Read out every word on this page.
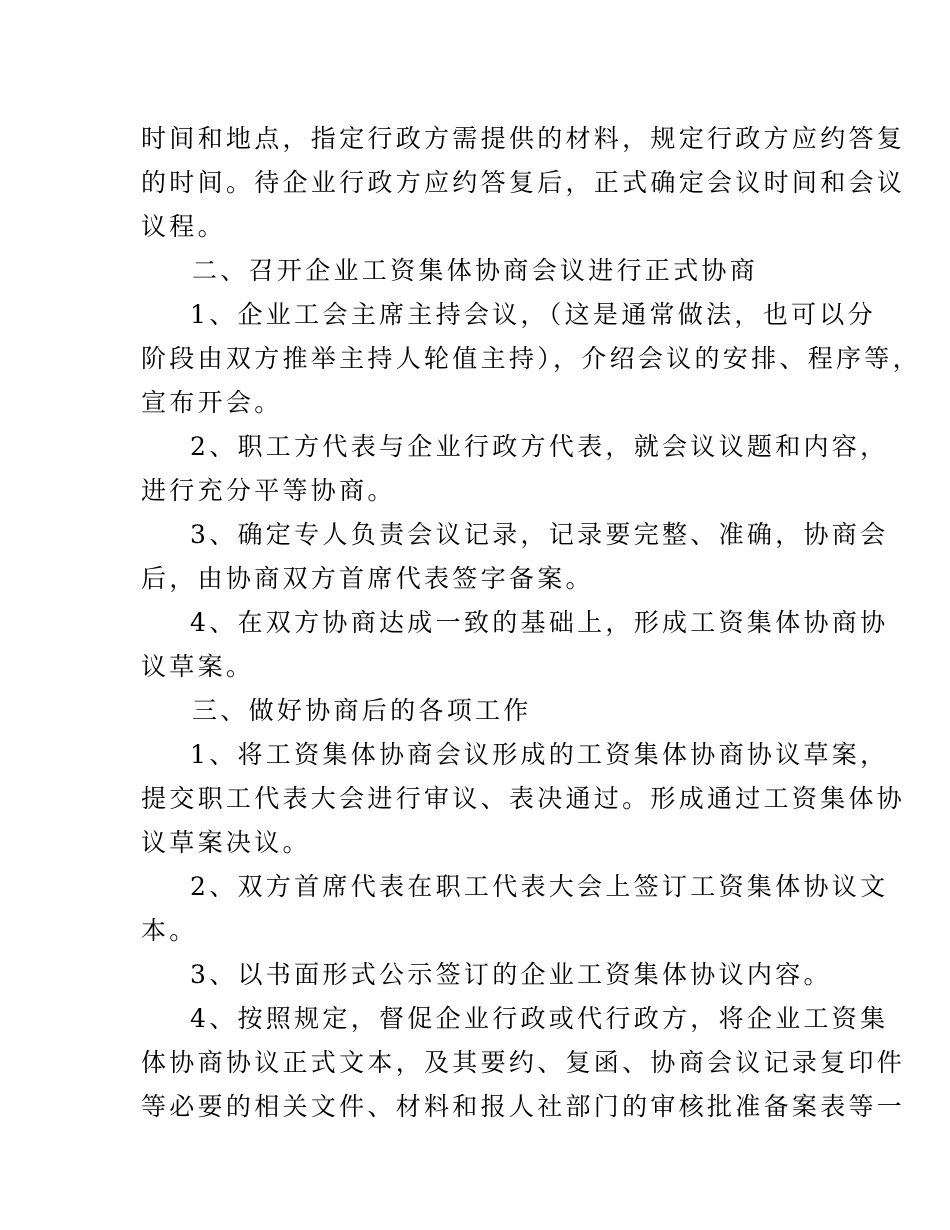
时间和地点，指定行政方需提供的材料，规定行政方应约答复
的时间。待企业行政方应约答复后，正式确定会议时间和会议
议程。
二、召开企业工资集体协商会议进行正式协商
1、企业工会主席主持会议，（这是通常做法，也可以分
阶段由双方推举主持人轮值主持），介绍会议的安排、程序等，
宣布开会。
2、职工方代表与企业行政方代表，就会议议题和内容，
进行充分平等协商。
3、确定专人负责会议记录，记录要完整、准确，协商会
后，由协商双方首席代表签字备案。
4、在双方协商达成一致的基础上，形成工资集体协商协
议草案。
三、做好协商后的各项工作
1、将工资集体协商会议形成的工资集体协商协议草案，
提交职工代表大会进行审议、表决通过。形成通过工资集体协
议草案决议。
2、双方首席代表在职工代表大会上签订工资集体协议文
本。
3、以书面形式公示签订的企业工资集体协议内容。
4、按照规定，督促企业行政或代行政方，将企业工资集
体协商协议正式文本，及其要约、复函、协商会议记录复印件
等必要的相关文件、材料和报人社部门的审核批准备案表等一
